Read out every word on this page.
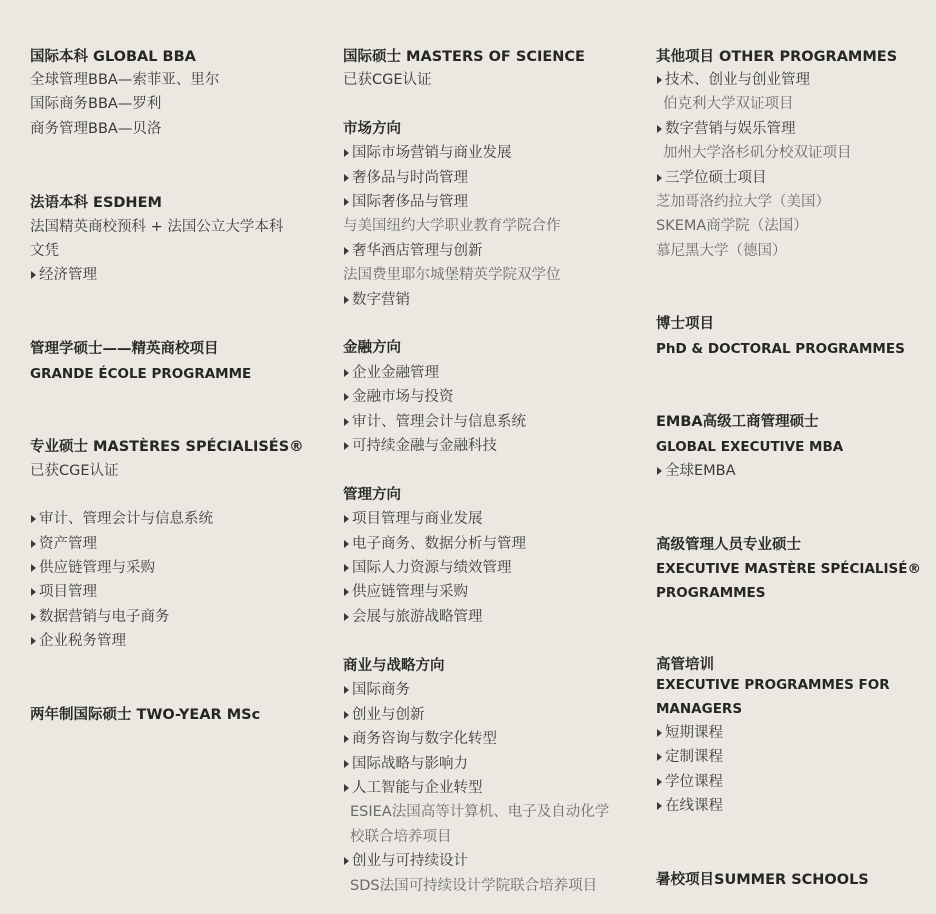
国际本科 GLOBAL BBA
全球管理BBA—索菲亚、里尔
国际商务BBA—罗利
商务管理BBA—贝洛
法语本科 ESDHEM
法国精英商校预科 + 法国公立大学本科
文凭
经济管理
管理学硕士——精英商校项目
GRANDE ÉCOLE PROGRAMME
专业硕士 MASTÈRES SPÉCIALISÉS®
已获CGE认证
审计、管理会计与信息系统
资产管理
供应链管理与采购
项目管理
数据营销与电子商务
企业税务管理
两年制国际硕士 TWO-YEAR MSc
国际硕士 MASTERS OF SCIENCE
已获CGE认证
市场方向
国际市场营销与商业发展
奢侈品与时尚管理
国际奢侈品与管理
与美国纽约大学职业教育学院合作
奢华酒店管理与创新
法国费里耶尔城堡精英学院双学位
数字营销
金融方向
企业金融管理
金融市场与投资
审计、管理会计与信息系统
可持续金融与金融科技
管理方向
项目管理与商业发展
电子商务、数据分析与管理
国际人力资源与绩效管理
供应链管理与采购
会展与旅游战略管理
商业与战略方向
国际商务
创业与创新
商务咨询与数字化转型
国际战略与影响力
人工智能与企业转型
ESIEA法国高等计算机、电子及自动化学
校联合培养项目
创业与可持续设计
SDS法国可持续设计学院联合培养项目
其他项目 OTHER PROGRAMMES
技术、创业与创业管理
伯克利大学双证项目
数字营销与娱乐管理
加州大学洛杉矶分校双证项目
三学位硕士项目
芝加哥洛约拉大学（美国）
SKEMA商学院（法国）
慕尼黑大学（德国）
博士项目
PhD & DOCTORAL PROGRAMMES
EMBA高级工商管理硕士
GLOBAL EXECUTIVE MBA
全球EMBA
高级管理人员专业硕士
EXECUTIVE MASTÈRE SPÉCIALISÉ®
PROGRAMMES
高管培训
EXECUTIVE PROGRAMMES FOR
MANAGERS
短期课程
定制课程
学位课程
在线课程
暑校项目SUMMER SCHOOLS
